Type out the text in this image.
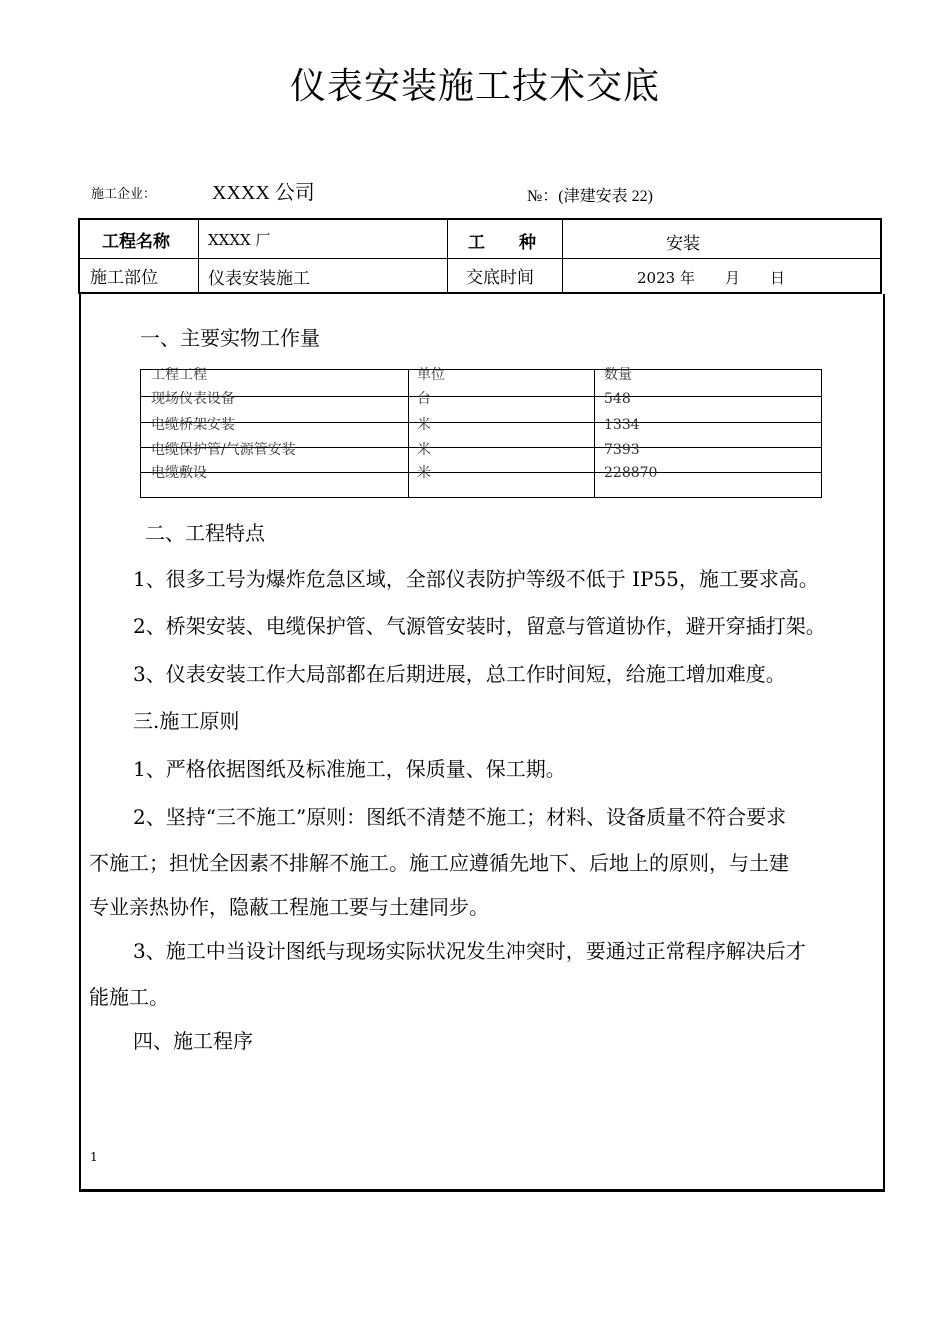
仪表安装施工技术交底
施工企业：	XXXX 公司	№：(津建安表 22)
工程名称	XXXX 厂	工　　种	安装
施工部位	仪表安装施工	交底时间	2023 年　　月　　日
一、主要实物工作量
工程工程	单位	数量
现场仪表设备	台	548
电缆桥架安装	米	1334
电缆保护管/气源管安装	米	7393
电缆敷设	米	228870
二、工程特点
1、很多工号为爆炸危急区域，全部仪表防护等级不低于 IP55，施工要求高。
2、桥架安装、电缆保护管、气源管安装时，留意与管道协作，避开穿插打架。
3、仪表安装工作大局部都在后期进展，总工作时间短，给施工增加难度。
三.施工原则
1、严格依据图纸及标准施工，保质量、保工期。
2、坚持“三不施工”原则：图纸不清楚不施工；材料、设备质量不符合要求
不施工；担忧全因素不排解不施工。施工应遵循先地下、后地上的原则，与土建
专业亲热协作，隐蔽工程施工要与土建同步。
3、施工中当设计图纸与现场实际状况发生冲突时，要通过正常程序解决后才
能施工。
四、施工程序
1
